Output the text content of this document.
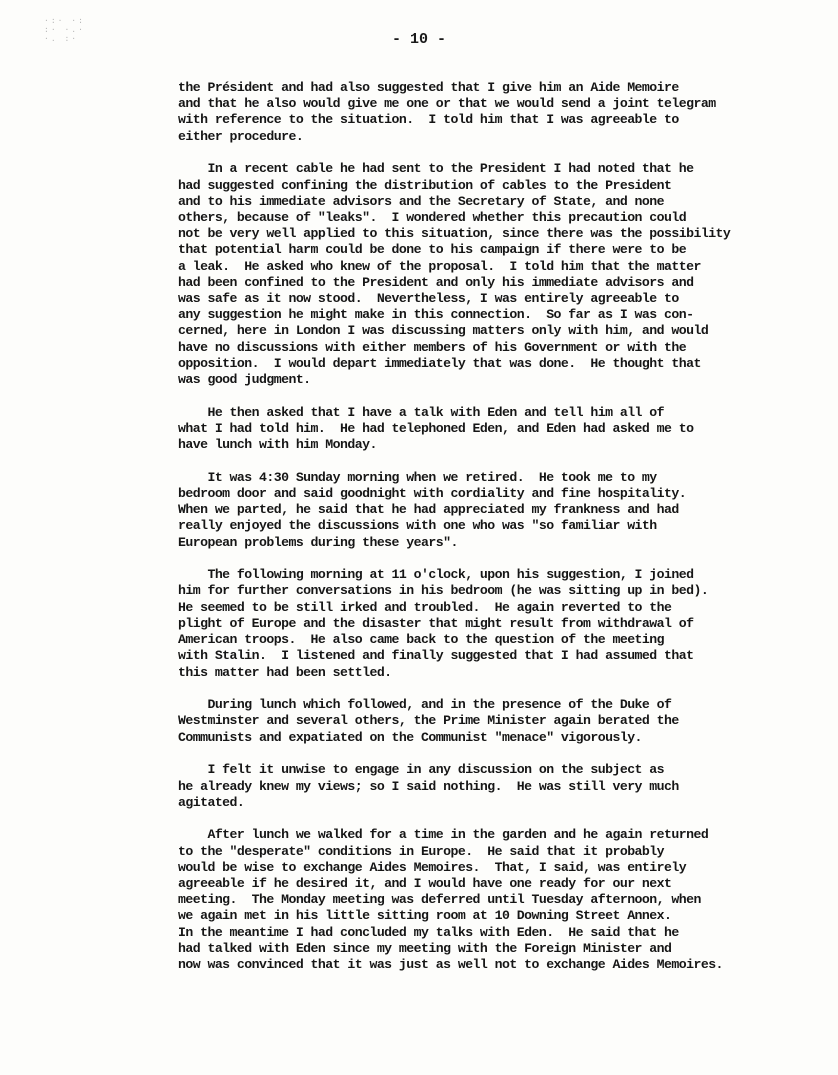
·:· ·:
:· ·.·
·. :·	- 10 -
the Président and had also suggested that I give him an Aide Memoire
and that he also would give me one or that we would send a joint telegram
with reference to the situation.  I told him that I was agreeable to
either procedure.
In a recent cable he had sent to the President I had noted that he
had suggested confining the distribution of cables to the President
and to his immediate advisors and the Secretary of State, and none
others, because of "leaks".  I wondered whether this precaution could
not be very well applied to this situation, since there was the possibility
that potential harm could be done to his campaign if there were to be
a leak.  He asked who knew of the proposal.  I told him that the matter
had been confined to the President and only his immediate advisors and
was safe as it now stood.  Nevertheless, I was entirely agreeable to
any suggestion he might make in this connection.  So far as I was con-
cerned, here in London I was discussing matters only with him, and would
have no discussions with either members of his Government or with the
opposition.  I would depart immediately that was done.  He thought that
was good judgment.
He then asked that I have a talk with Eden and tell him all of
what I had told him.  He had telephoned Eden, and Eden had asked me to
have lunch with him Monday.
It was 4:30 Sunday morning when we retired.  He took me to my
bedroom door and said goodnight with cordiality and fine hospitality.
When we parted, he said that he had appreciated my frankness and had
really enjoyed the discussions with one who was "so familiar with
European problems during these years".
The following morning at 11 o'clock, upon his suggestion, I joined
him for further conversations in his bedroom (he was sitting up in bed).
He seemed to be still irked and troubled.  He again reverted to the
plight of Europe and the disaster that might result from withdrawal of
American troops.  He also came back to the question of the meeting
with Stalin.  I listened and finally suggested that I had assumed that
this matter had been settled.
During lunch which followed, and in the presence of the Duke of
Westminster and several others, the Prime Minister again berated the
Communists and expatiated on the Communist "menace" vigorously.
I felt it unwise to engage in any discussion on the subject as
he already knew my views; so I said nothing.  He was still very much
agitated.
After lunch we walked for a time in the garden and he again returned
to the "desperate" conditions in Europe.  He said that it probably
would be wise to exchange Aides Memoires.  That, I said, was entirely
agreeable if he desired it, and I would have one ready for our next
meeting.  The Monday meeting was deferred until Tuesday afternoon, when
we again met in his little sitting room at 10 Downing Street Annex.
In the meantime I had concluded my talks with Eden.  He said that he
had talked with Eden since my meeting with the Foreign Minister and
now was convinced that it was just as well not to exchange Aides Memoires.
